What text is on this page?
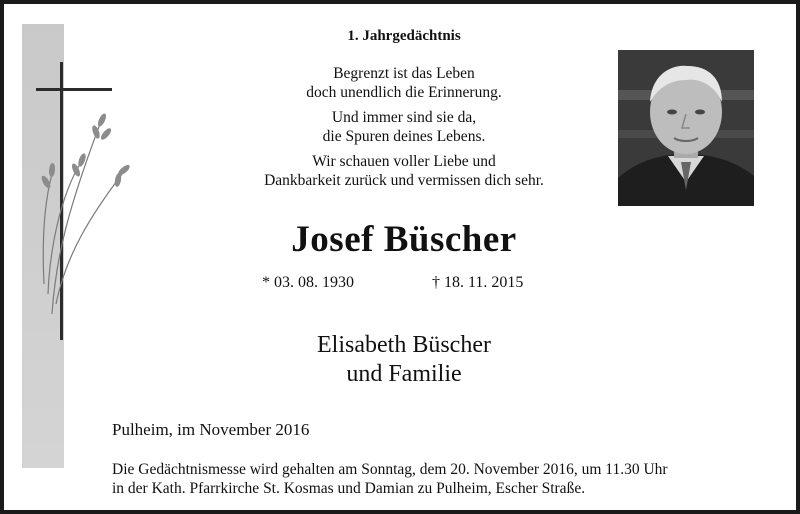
1. Jahrgedächtnis

Begrenzt ist das Leben
doch unendlich die Erinnerung.

Und immer sind sie da,
die Spuren deines Lebens.

Wir schauen voller Liebe und
Dankbarkeit zurück und vermissen dich sehr.

Josef Büscher
* 03. 08. 1930	† 18. 11. 2015
Elisabeth Büscher
und Familie
Pulheim, im November 2016
Die Gedächtnismesse wird gehalten am Sonntag, dem 20. November 2016, um 11.30 Uhr
in der Kath. Pfarrkirche St. Kosmas und Damian zu Pulheim, Escher Straße.
